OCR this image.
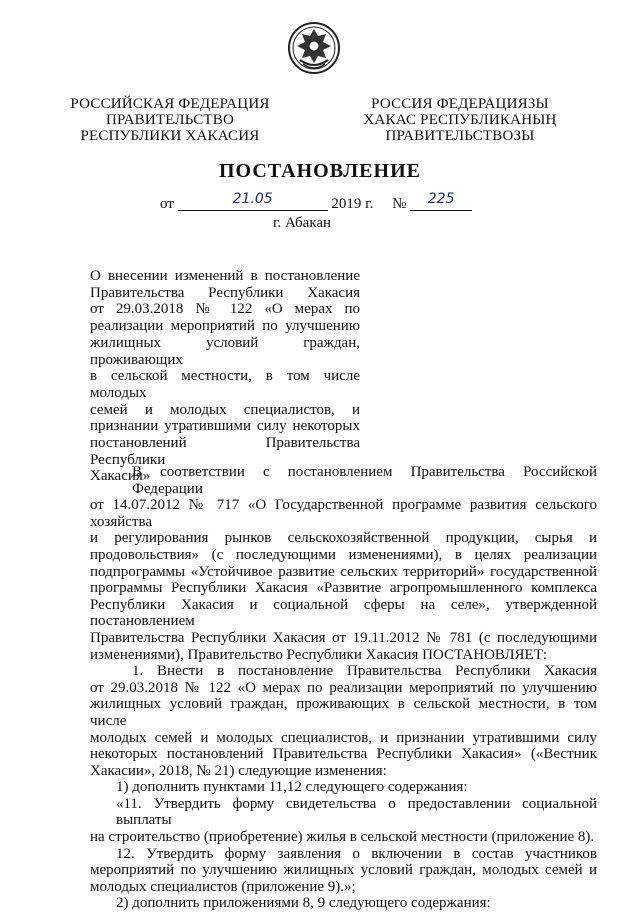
РОССИЙСКАЯ ФЕДЕРАЦИЯ
ПРАВИТЕЛЬСТВО
РЕСПУБЛИКИ ХАКАСИЯ
РОССИЯ ФЕДЕРАЦИЯЗЫ
ХАКАС РЕСПУБЛИКАНЫҢ
ПРАВИТЕЛЬСТВОЗЫ
ПОСТАНОВЛЕНИЕ
от	21.05	2019 г. № 225
г. Абакан
О внесении изменений в постановление
Правительства Республики Хакасия
от 29.03.2018 № 122 «О мерах по
реализации мероприятий по улучшению
жилищных условий граждан, проживающих
в сельской местности, в том числе молодых
семей и молодых специалистов, и
признании утратившими силу некоторых
постановлений Правительства Республики
Хакасия»
В соответствии с постановлением Правительства Российской Федерации
от 14.07.2012 № 717 «О Государственной программе развития сельского хозяйства
и регулирования рынков сельскохозяйственной продукции, сырья и
продовольствия» (с последующими изменениями), в целях реализации
подпрограммы «Устойчивое развитие сельских территорий» государственной
программы Республики Хакасия «Развитие агропромышленного комплекса
Республики Хакасия и социальной сферы на селе», утвержденной постановлением
Правительства Республики Хакасия от 19.11.2012 № 781 (с последующими
изменениями), Правительство Республики Хакасия ПОСТАНОВЛЯЕТ:
1. Внести в постановление Правительства Республики Хакасия
от 29.03.2018 № 122 «О мерах по реализации мероприятий по улучшению
жилищных условий граждан, проживающих в сельской местности, в том числе
молодых семей и молодых специалистов, и признании утратившими силу
некоторых постановлений Правительства Республики Хакасия» («Вестник
Хакасии», 2018, № 21) следующие изменения:
1) дополнить пунктами 11,12 следующего содержания:
«11. Утвердить форму свидетельства о предоставлении социальной выплаты
на строительство (приобретение) жилья в сельской местности (приложение 8).
12. Утвердить форму заявления о включении в состав участников
мероприятий по улучшению жилищных условий граждан, молодых семей и
молодых специалистов (приложение 9).»;
2) дополнить приложениями 8, 9 следующего содержания:
